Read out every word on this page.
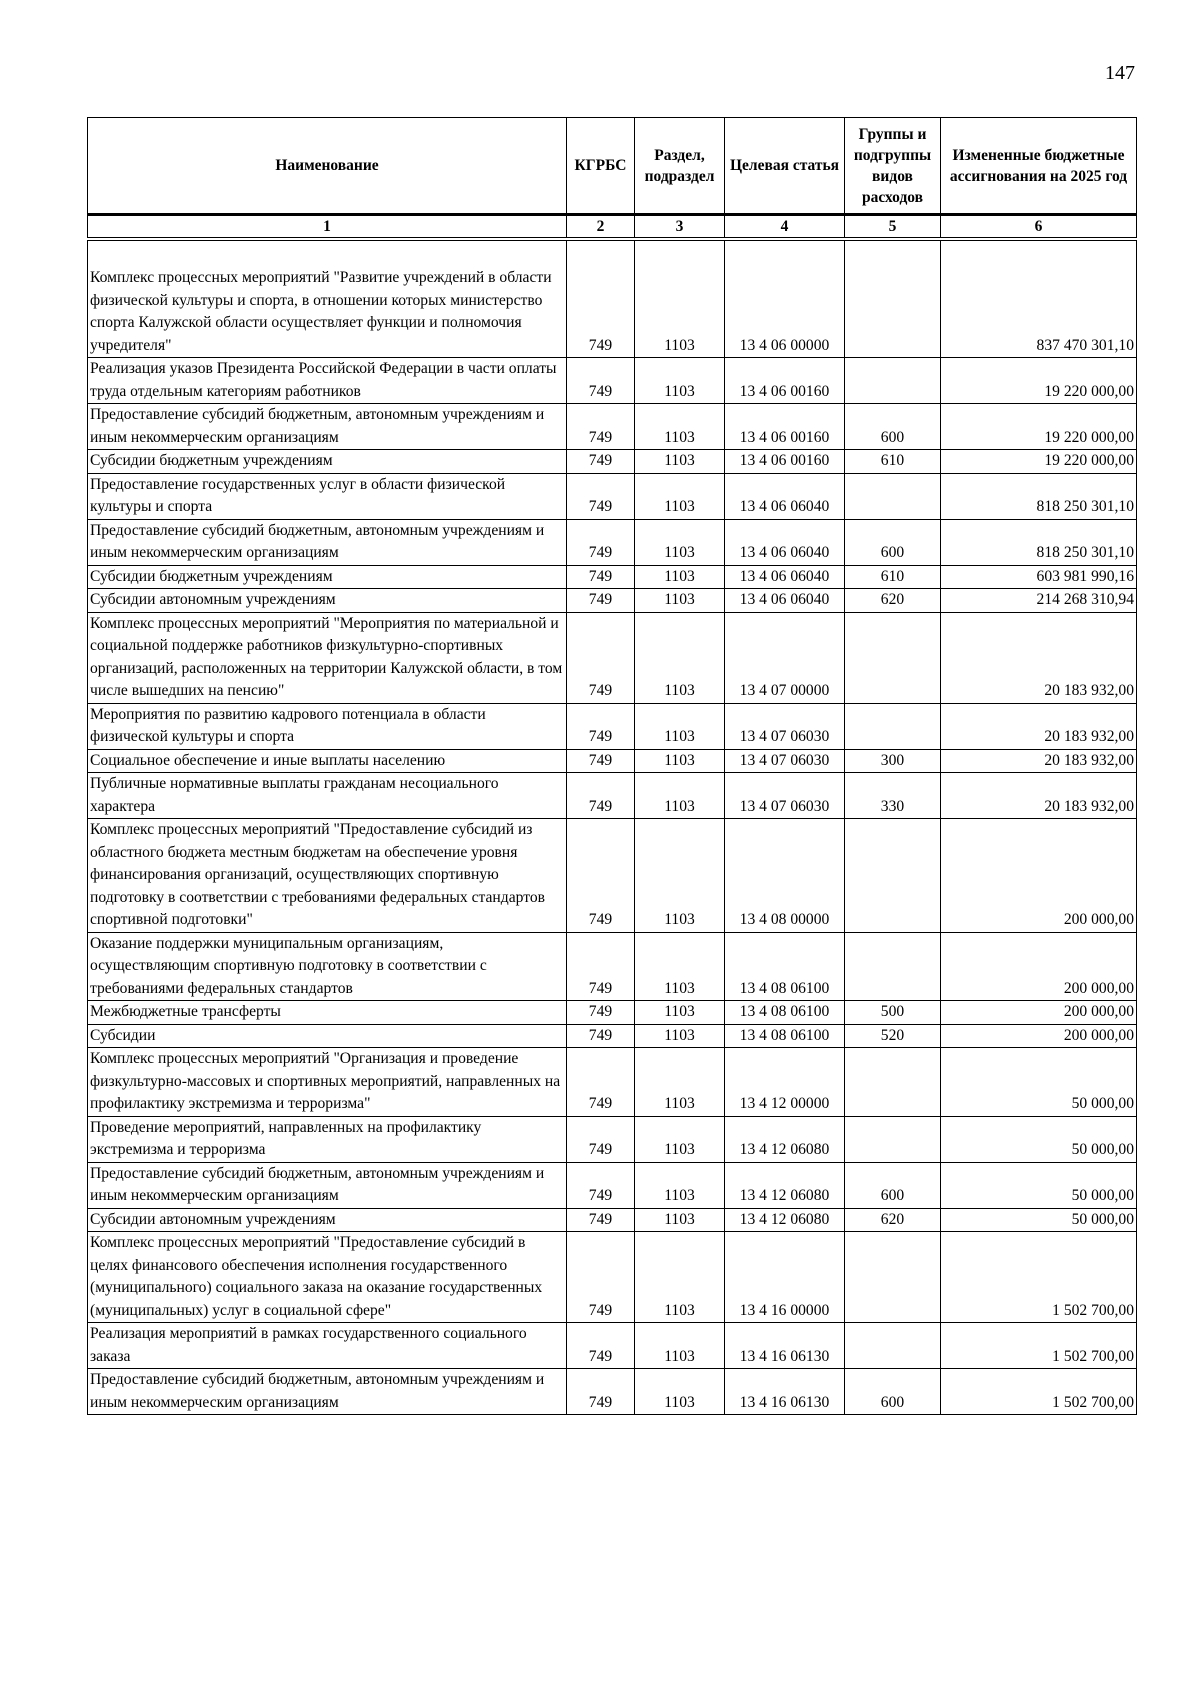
147
Наименование	КГРБС	Раздел, подраздел	Целевая статья	Группы и подгруппы видов расходов	Измененные бюджетные ассигнования на 2025 год
1	2	3	4	5	6
Комплекс процессных мероприятий "Развитие учреждений в области физической культуры и спорта, в отношении которых министерство спорта Калужской области осуществляет функции и полномочия учредителя"	749	1103	13 4 06 00000		837 470 301,10
Реализация указов Президента Российской Федерации в части оплаты труда отдельным категориям работников	749	1103	13 4 06 00160		19 220 000,00
Предоставление субсидий бюджетным, автономным учреждениям и иным некоммерческим организациям	749	1103	13 4 06 00160	600	19 220 000,00
Субсидии бюджетным учреждениям	749	1103	13 4 06 00160	610	19 220 000,00
Предоставление государственных услуг в области физической культуры и спорта	749	1103	13 4 06 06040		818 250 301,10
Предоставление субсидий бюджетным, автономным учреждениям и иным некоммерческим организациям	749	1103	13 4 06 06040	600	818 250 301,10
Субсидии бюджетным учреждениям	749	1103	13 4 06 06040	610	603 981 990,16
Субсидии автономным учреждениям	749	1103	13 4 06 06040	620	214 268 310,94
Комплекс процессных мероприятий "Мероприятия по материальной и социальной поддержке работников физкультурно-спортивных организаций, расположенных на территории Калужской области, в том числе вышедших на пенсию"	749	1103	13 4 07 00000		20 183 932,00
Мероприятия по развитию кадрового потенциала в области физической культуры и спорта	749	1103	13 4 07 06030		20 183 932,00
Социальное обеспечение и иные выплаты населению	749	1103	13 4 07 06030	300	20 183 932,00
Публичные нормативные выплаты гражданам несоциального характера	749	1103	13 4 07 06030	330	20 183 932,00
Комплекс процессных мероприятий "Предоставление субсидий из областного бюджета местным бюджетам на обеспечение уровня финансирования организаций, осуществляющих спортивную подготовку в соответствии с требованиями федеральных стандартов спортивной подготовки"	749	1103	13 4 08 00000		200 000,00
Оказание поддержки муниципальным организациям, осуществляющим спортивную подготовку в соответствии с требованиями федеральных стандартов	749	1103	13 4 08 06100		200 000,00
Межбюджетные трансферты	749	1103	13 4 08 06100	500	200 000,00
Субсидии	749	1103	13 4 08 06100	520	200 000,00
Комплекс процессных мероприятий "Организация и проведение физкультурно-массовых и спортивных мероприятий, направленных на профилактику экстремизма и терроризма"	749	1103	13 4 12 00000		50 000,00
Проведение мероприятий, направленных на профилактику экстремизма и терроризма	749	1103	13 4 12 06080		50 000,00
Предоставление субсидий бюджетным, автономным учреждениям и иным некоммерческим организациям	749	1103	13 4 12 06080	600	50 000,00
Субсидии автономным учреждениям	749	1103	13 4 12 06080	620	50 000,00
Комплекс процессных мероприятий "Предоставление субсидий в целях финансового обеспечения исполнения государственного (муниципального) социального заказа на оказание государственных (муниципальных) услуг в социальной сфере"	749	1103	13 4 16 00000		1 502 700,00
Реализация мероприятий в рамках государственного социального заказа	749	1103	13 4 16 06130		1 502 700,00
Предоставление субсидий бюджетным, автономным учреждениям и иным некоммерческим организациям	749	1103	13 4 16 06130	600	1 502 700,00
